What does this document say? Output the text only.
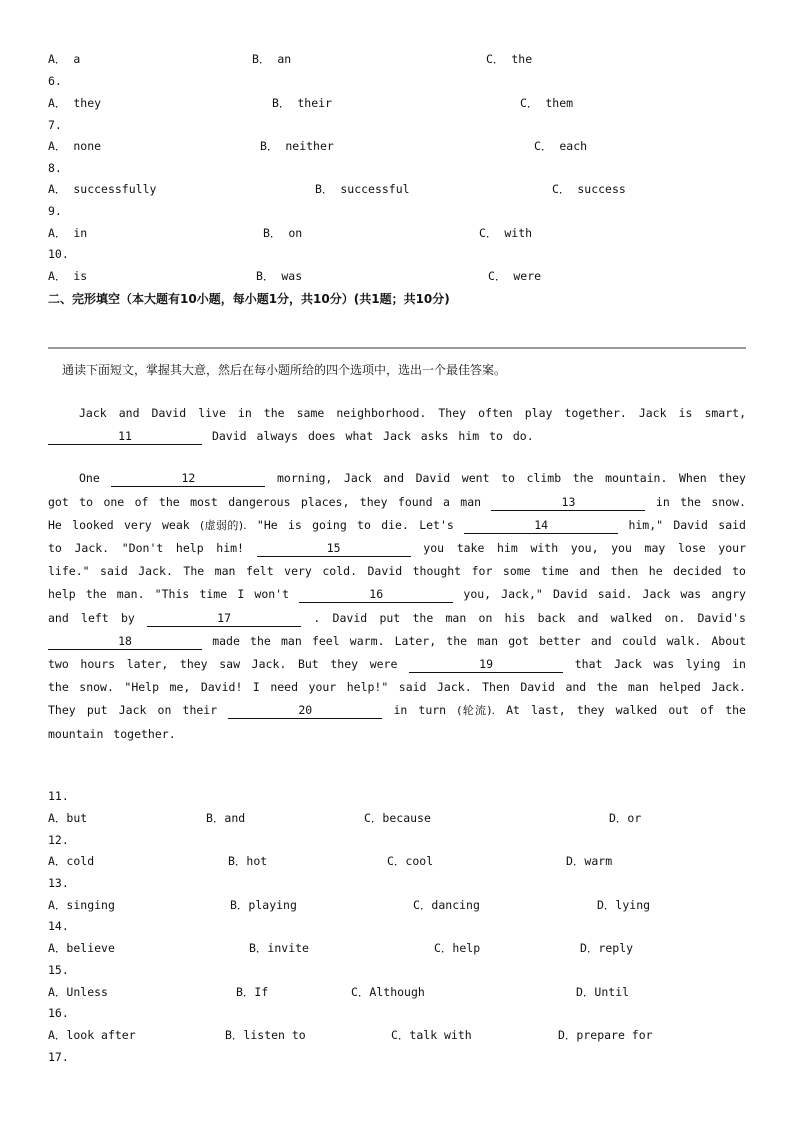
A． a	B． an	C． the
6.
A． they	B． their	C． them
7.
A． none	B． neither	C． each
8.
A． successfully	B． successful	C． success
9.
A． in	B． on	C． with
10.
A． is	B． was	C． were
二、完形填空（本大题有10小题，每小题1分，共10分）(共1题；共10分)
通读下面短文，掌握其大意，然后在每小题所给的四个选项中，选出一个最佳答案。

Jack and David live in the same neighborhood. They often play together. Jack is smart, 11	David always does what Jack asks him to do.

One	12	morning, Jack and David went to climb the mountain. When they got to one of the most dangerous places, they found a man	13	in the snow. He looked very weak (虚弱的). "He is going to die. Let's	14	him," David said to Jack. "Don't help him!	15	you take him with you, you may lose your life." said Jack. The man felt very cold. David thought for some time and then he decided to help the man. "This time I won't	16	you, Jack," David said. Jack was angry and left by	17	. David put the man on his back and walked on. David's 18	made the man feel warm. Later, the man got better and could walk. About two hours later, they saw Jack. But they were	19	that Jack was lying in the snow. "Help me, David! I need your help!" said Jack. Then David and the man helped Jack. They put Jack on their	20	in turn (轮流). At last, they walked out of the mountain together.

11.
A．but	B．and	C．because	D．or
12.
A．cold	B．hot	C．cool	D．warm
13.
A．singing	B．playing	C．dancing	D．lying
14.
A．believe	B．invite	C．help	D．reply
15.
A．Unless	B．If	C．Although	D．Until
16.
A．look after	B．listen to	C．talk with	D．prepare for
17.
